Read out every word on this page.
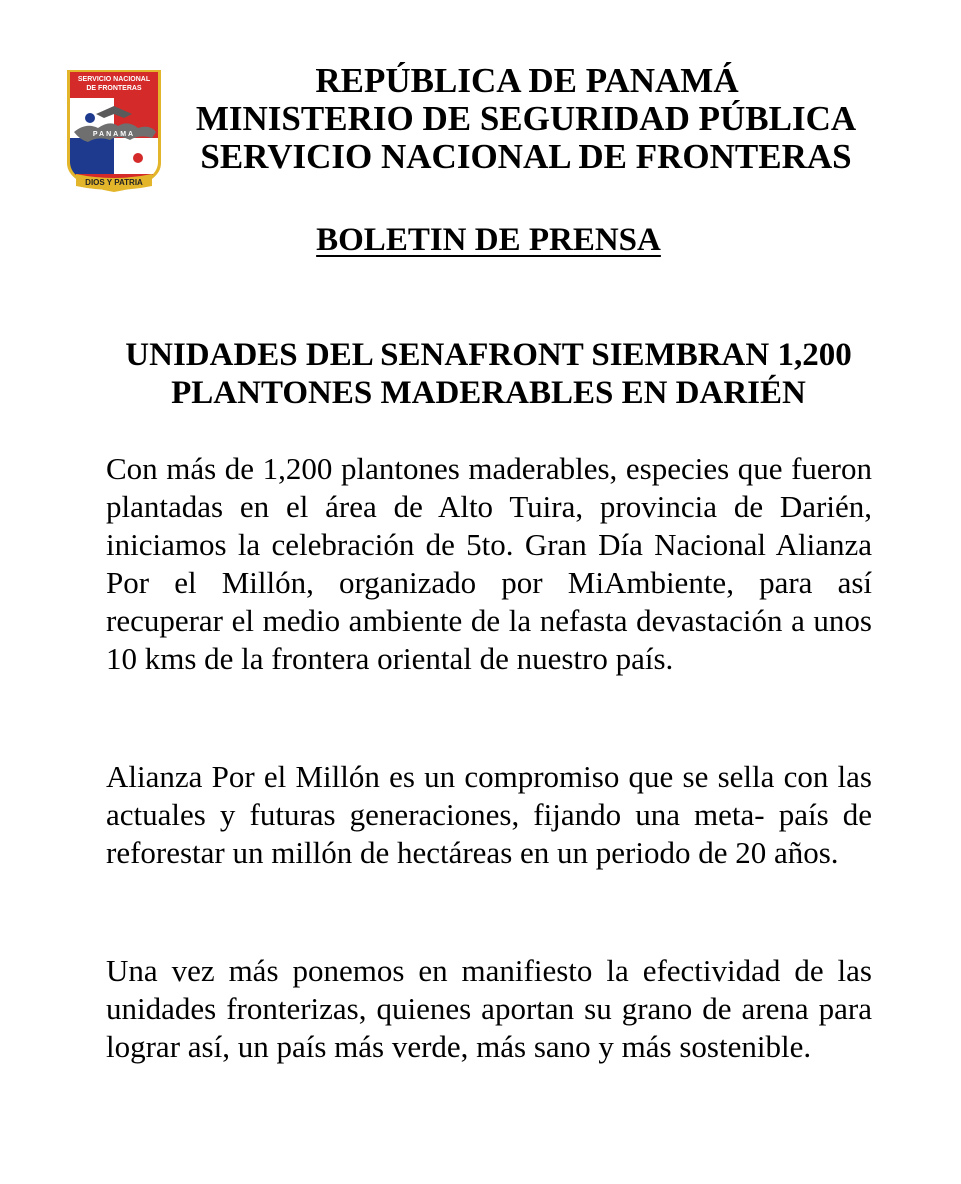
SERVICIO NACIONAL
DE FRONTERAS
PANAMA
DIOS Y PATRIA
REPÚBLICA DE PANAMÁ
MINISTERIO DE SEGURIDAD PÚBLICA
SERVICIO NACIONAL DE FRONTERAS
BOLETIN DE PRENSA
UNIDADES DEL SENAFRONT SIEMBRAN 1,200 PLANTONES MADERABLES EN DARIÉN

Con más de 1,200 plantones maderables, especies que fueron plantadas en el área de Alto Tuira, provincia de Darién, iniciamos la celebración de 5to. Gran Día Nacional Alianza Por el Millón, organizado por MiAmbiente, para así recuperar el medio ambiente de la nefasta devastación a unos 10 kms de la frontera oriental de nuestro país.

Alianza Por el Millón es un compromiso que se sella con las actuales y futuras generaciones, fijando una meta- país de reforestar un millón de hectáreas en un periodo de 20 años.

Una vez más ponemos en manifiesto la efectividad de las unidades fronterizas, quienes aportan su grano de arena para lograr así, un país más verde, más sano y más sostenible.
